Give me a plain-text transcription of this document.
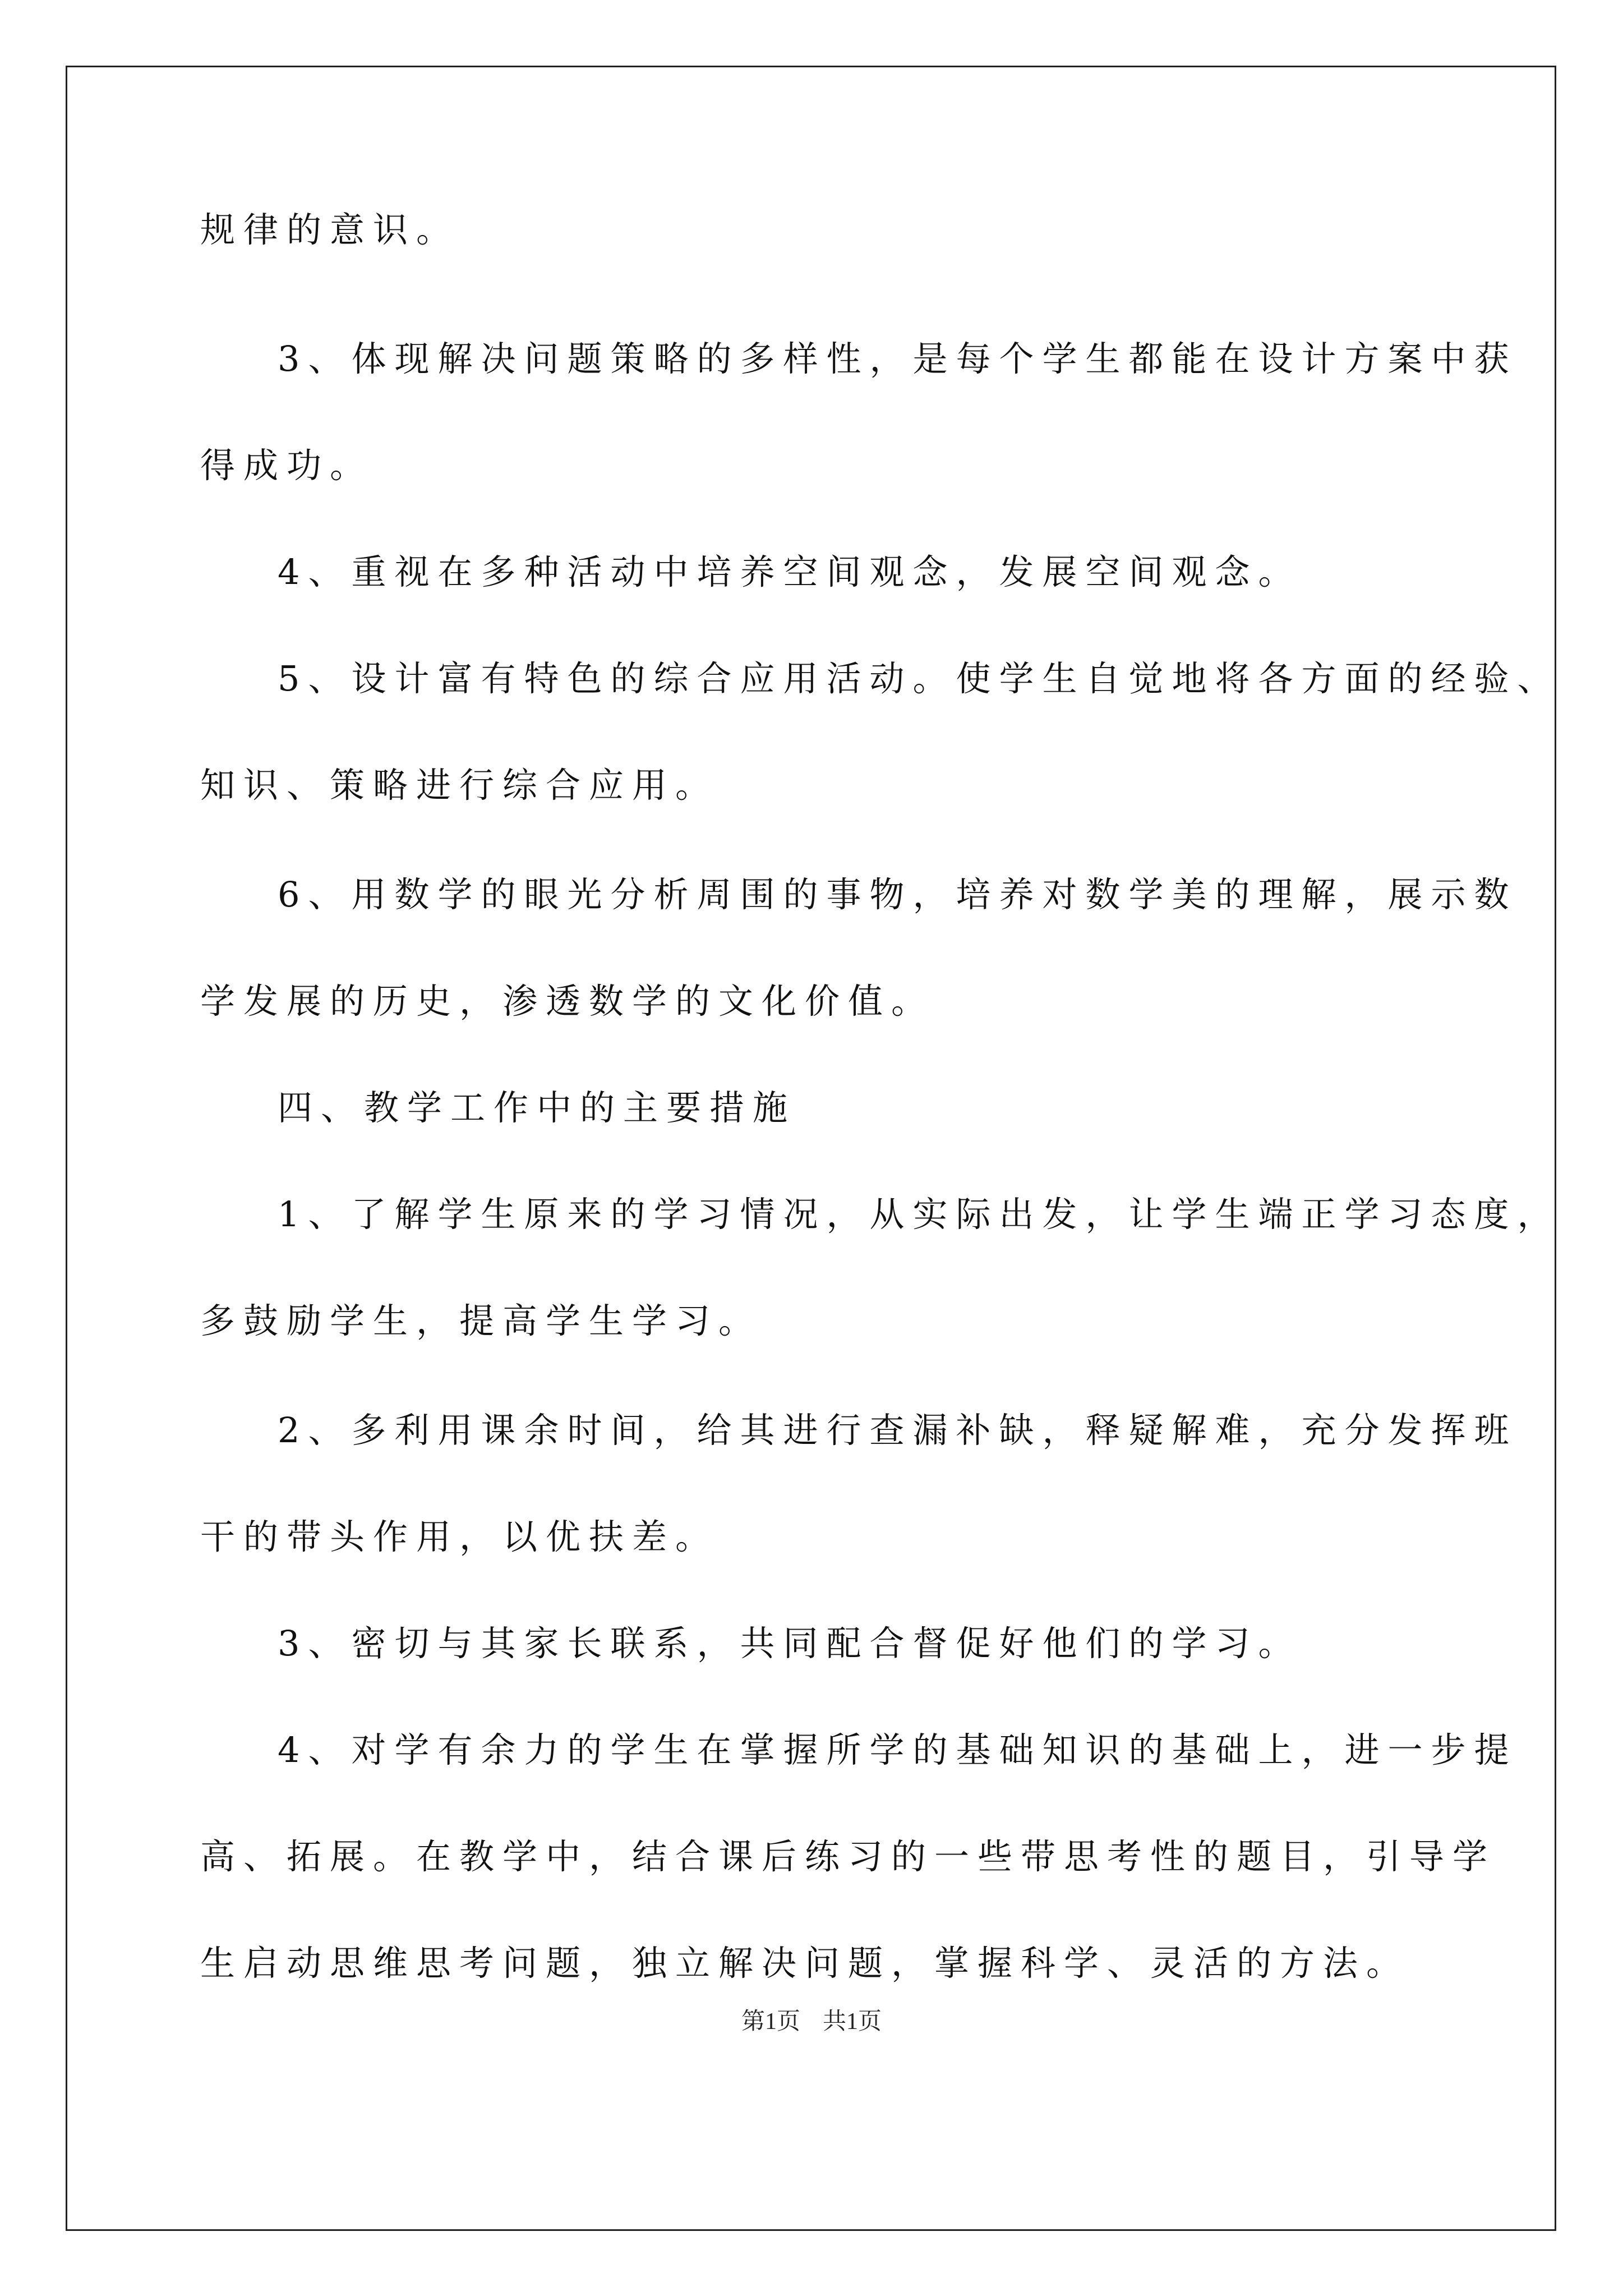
规律的意识。
3、体现解决问题策略的多样性，是每个学生都能在设计方案中获
得成功。
4、重视在多种活动中培养空间观念，发展空间观念。
5、设计富有特色的综合应用活动。使学生自觉地将各方面的经验、
知识、策略进行综合应用。
6、用数学的眼光分析周围的事物，培养对数学美的理解，展示数
学发展的历史，渗透数学的文化价值。
四、教学工作中的主要措施
1、了解学生原来的学习情况，从实际出发，让学生端正学习态度，
多鼓励学生，提高学生学习。
2、多利用课余时间，给其进行查漏补缺，释疑解难，充分发挥班
干的带头作用，以优扶差。
3、密切与其家长联系，共同配合督促好他们的学习。
4、对学有余力的学生在掌握所学的基础知识的基础上，进一步提
高、拓展。在教学中，结合课后练习的一些带思考性的题目，引导学
生启动思维思考问题，独立解决问题，掌握科学、灵活的方法。
第1页 共1页
